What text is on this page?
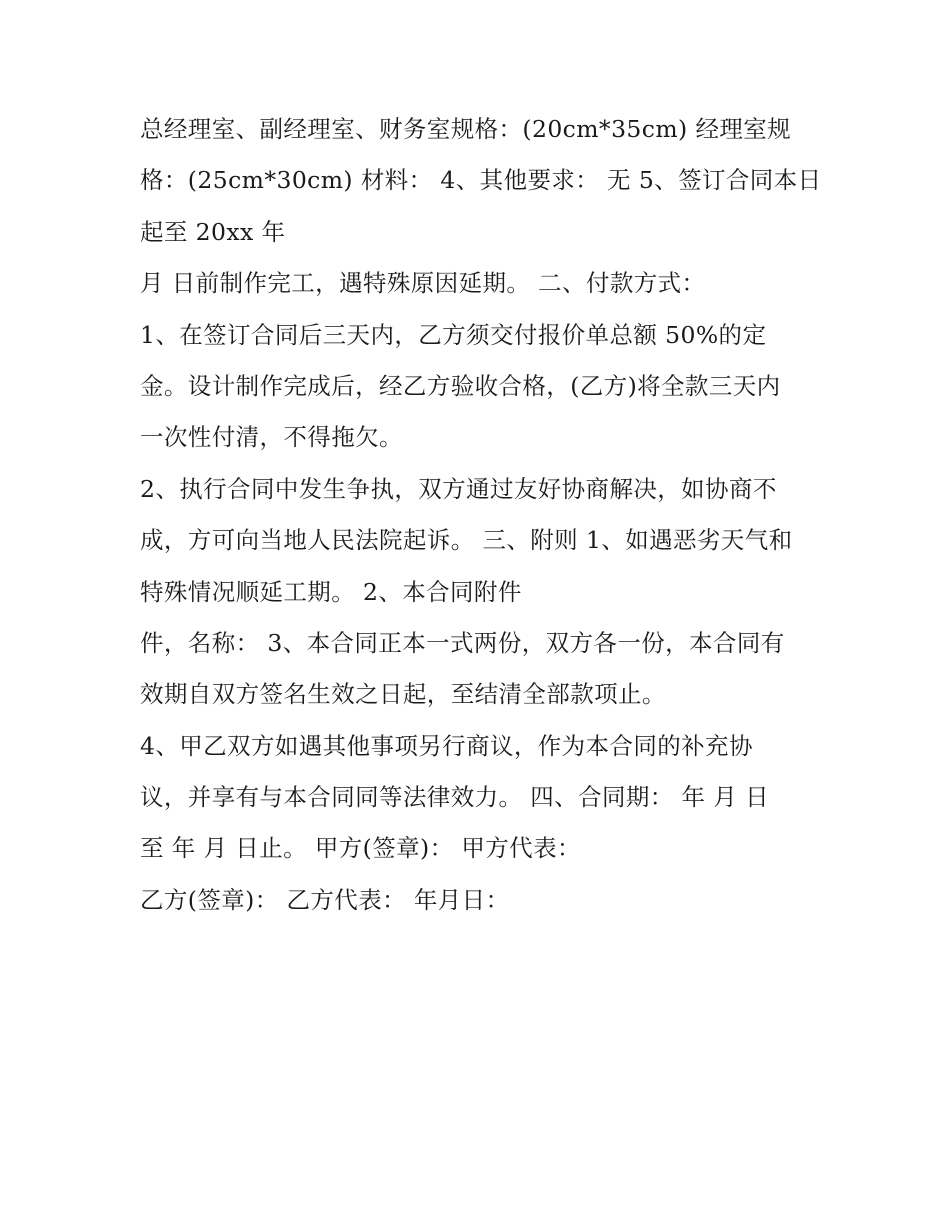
总经理室、副经理室、财务室规格：(20cm*35cm) 经理室规
格：(25cm*30cm) 材料： 4、其他要求： 无 5、签订合同本日
起至 20xx 年
月 日前制作完工，遇特殊原因延期。 二、付款方式：
1、在签订合同后三天内，乙方须交付报价单总额 50%的定
金。设计制作完成后，经乙方验收合格，(乙方)将全款三天内
一次性付清，不得拖欠。
2、执行合同中发生争执，双方通过友好协商解决，如协商不
成，方可向当地人民法院起诉。 三、附则 1、如遇恶劣天气和
特殊情况顺延工期。 2、本合同附件
件，名称： 3、本合同正本一式两份，双方各一份，本合同有
效期自双方签名生效之日起，至结清全部款项止。
4、甲乙双方如遇其他事项另行商议，作为本合同的补充协
议，并享有与本合同同等法律效力。 四、合同期： 年 月 日
至 年 月 日止。 甲方(签章)： 甲方代表：
乙方(签章)： 乙方代表： 年月日：
